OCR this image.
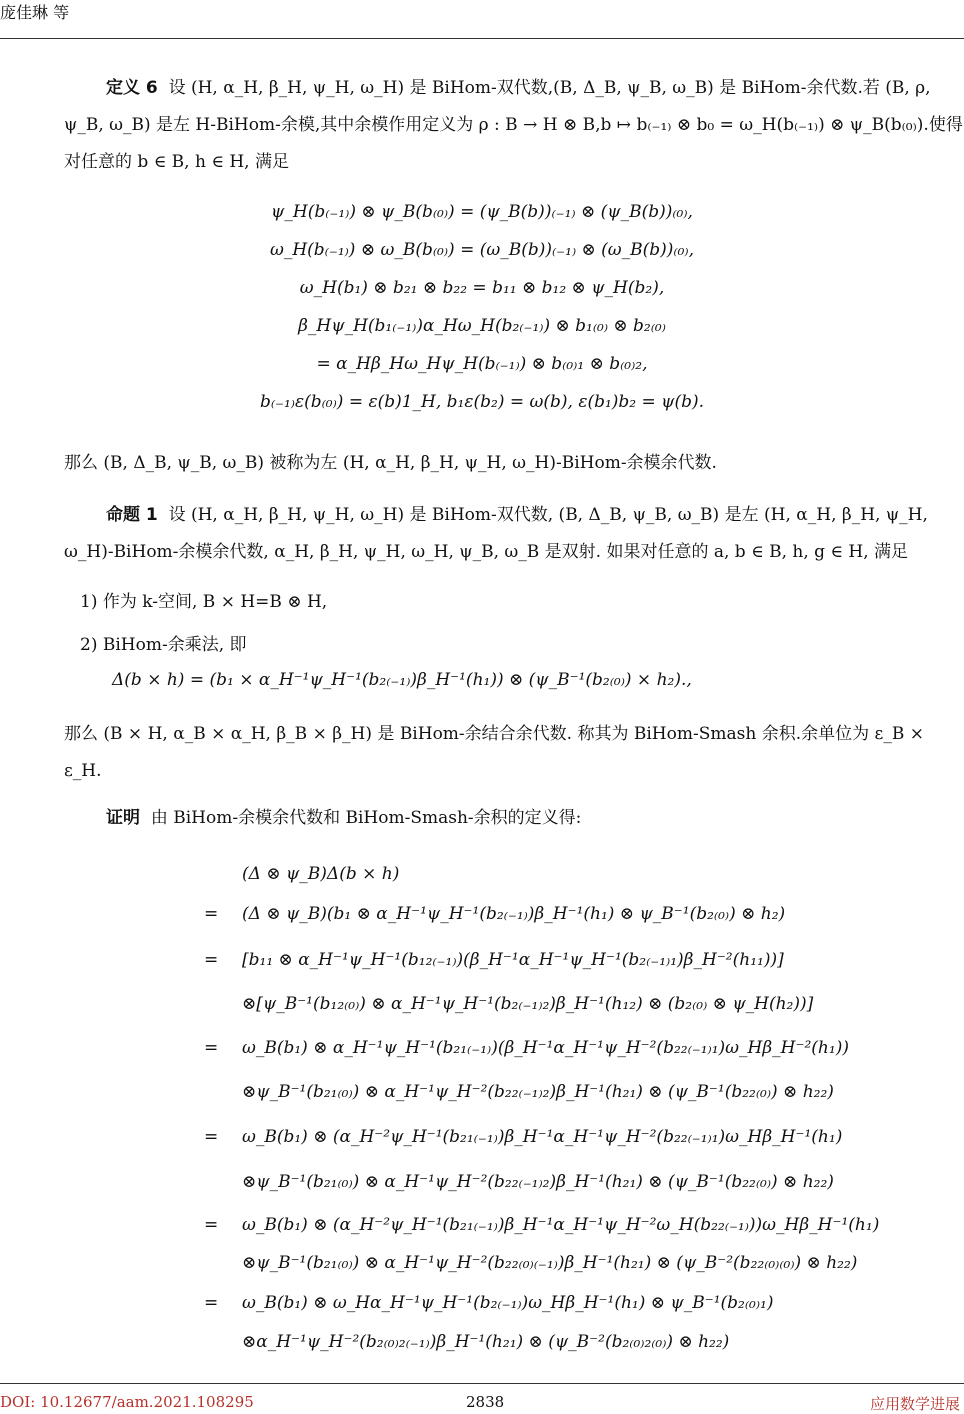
庞佳琳 等
定义 6 设 (H, α_H, β_H, ψ_H, ω_H) 是 BiHom-双代数,(B, Δ_B, ψ_B, ω_B) 是 BiHom-余代数.若 (B, ρ, ψ_B, ω_B) 是左 H-BiHom-余模,其中余模作用定义为 ρ : B → H ⊗ B,b ↦ b₍₋₁₎ ⊗ b₀ = ω_H(b₍₋₁₎) ⊗ ψ_B(b₍₀₎).使得对任意的 b ∈ B, h ∈ H, 满足
ψ_H(b₍₋₁₎) ⊗ ψ_B(b₍₀₎) = (ψ_B(b))₍₋₁₎ ⊗ (ψ_B(b))₍₀₎,
ω_H(b₍₋₁₎) ⊗ ω_B(b₍₀₎) = (ω_B(b))₍₋₁₎ ⊗ (ω_B(b))₍₀₎,
ω_H(b₁) ⊗ b₂₁ ⊗ b₂₂ = b₁₁ ⊗ b₁₂ ⊗ ψ_H(b₂),
β_Hψ_H(b₁₍₋₁₎)α_Hω_H(b₂₍₋₁₎) ⊗ b₁₍₀₎ ⊗ b₂₍₀₎
= α_Hβ_Hω_Hψ_H(b₍₋₁₎) ⊗ b₍₀₎₁ ⊗ b₍₀₎₂,
b₍₋₁₎ε(b₍₀₎) = ε(b)1_H, b₁ε(b₂) = ω(b), ε(b₁)b₂ = ψ(b).
那么 (B, Δ_B, ψ_B, ω_B) 被称为左 (H, α_H, β_H, ψ_H, ω_H)-BiHom-余模余代数.
命题 1 设 (H, α_H, β_H, ψ_H, ω_H) 是 BiHom-双代数, (B, Δ_B, ψ_B, ω_B) 是左 (H, α_H, β_H, ψ_H, ω_H)-BiHom-余模余代数, α_H, β_H, ψ_H, ω_H, ψ_B, ω_B 是双射. 如果对任意的 a, b ∈ B, h, g ∈ H, 满足
1) 作为 k-空间, B × H=B ⊗ H,
2) BiHom-余乘法, 即
Δ(b × h) = (b₁ × α_H⁻¹ψ_H⁻¹(b₂₍₋₁₎)β_H⁻¹(h₁)) ⊗ (ψ_B⁻¹(b₂₍₀₎) × h₂).,
那么 (B × H, α_B × α_H, β_B × β_H) 是 BiHom-余结合余代数. 称其为 BiHom-Smash 余积.余单位为 ε_B × ε_H.
证明 由 BiHom-余模余代数和 BiHom-Smash-余积的定义得:
(Δ ⊗ ψ_B)Δ(b × h)
= (Δ ⊗ ψ_B)(b₁ ⊗ α_H⁻¹ψ_H⁻¹(b₂₍₋₁₎)β_H⁻¹(h₁) ⊗ ψ_B⁻¹(b₂₍₀₎) ⊗ h₂)
= [b₁₁ ⊗ α_H⁻¹ψ_H⁻¹(b₁₂₍₋₁₎)(β_H⁻¹α_H⁻¹ψ_H⁻¹(b₂₍₋₁₎₁)β_H⁻²(h₁₁))]
⊗[ψ_B⁻¹(b₁₂₍₀₎) ⊗ α_H⁻¹ψ_H⁻¹(b₂₍₋₁₎₂)β_H⁻¹(h₁₂) ⊗ (b₂₍₀₎ ⊗ ψ_H(h₂))]
= ω_B(b₁) ⊗ α_H⁻¹ψ_H⁻¹(b₂₁₍₋₁₎)(β_H⁻¹α_H⁻¹ψ_H⁻²(b₂₂₍₋₁₎₁)ω_Hβ_H⁻²(h₁))
⊗ψ_B⁻¹(b₂₁₍₀₎) ⊗ α_H⁻¹ψ_H⁻²(b₂₂₍₋₁₎₂)β_H⁻¹(h₂₁) ⊗ (ψ_B⁻¹(b₂₂₍₀₎) ⊗ h₂₂)
= ω_B(b₁) ⊗ (α_H⁻²ψ_H⁻¹(b₂₁₍₋₁₎)β_H⁻¹α_H⁻¹ψ_H⁻²(b₂₂₍₋₁₎₁)ω_Hβ_H⁻¹(h₁)
⊗ψ_B⁻¹(b₂₁₍₀₎) ⊗ α_H⁻¹ψ_H⁻²(b₂₂₍₋₁₎₂)β_H⁻¹(h₂₁) ⊗ (ψ_B⁻¹(b₂₂₍₀₎) ⊗ h₂₂)
= ω_B(b₁) ⊗ (α_H⁻²ψ_H⁻¹(b₂₁₍₋₁₎)β_H⁻¹α_H⁻¹ψ_H⁻²ω_H(b₂₂₍₋₁₎))ω_Hβ_H⁻¹(h₁)
⊗ψ_B⁻¹(b₂₁₍₀₎) ⊗ α_H⁻¹ψ_H⁻²(b₂₂₍₀₎₍₋₁₎)β_H⁻¹(h₂₁) ⊗ (ψ_B⁻²(b₂₂₍₀₎₍₀₎) ⊗ h₂₂)
= ω_B(b₁) ⊗ ω_Hα_H⁻¹ψ_H⁻¹(b₂₍₋₁₎)ω_Hβ_H⁻¹(h₁) ⊗ ψ_B⁻¹(b₂₍₀₎₁)
⊗α_H⁻¹ψ_H⁻²(b₂₍₀₎₂₍₋₁₎)β_H⁻¹(h₂₁) ⊗ (ψ_B⁻²(b₂₍₀₎₂₍₀₎) ⊗ h₂₂)
DOI: 10.12677/aam.2021.108295	2838	应用数学进展
